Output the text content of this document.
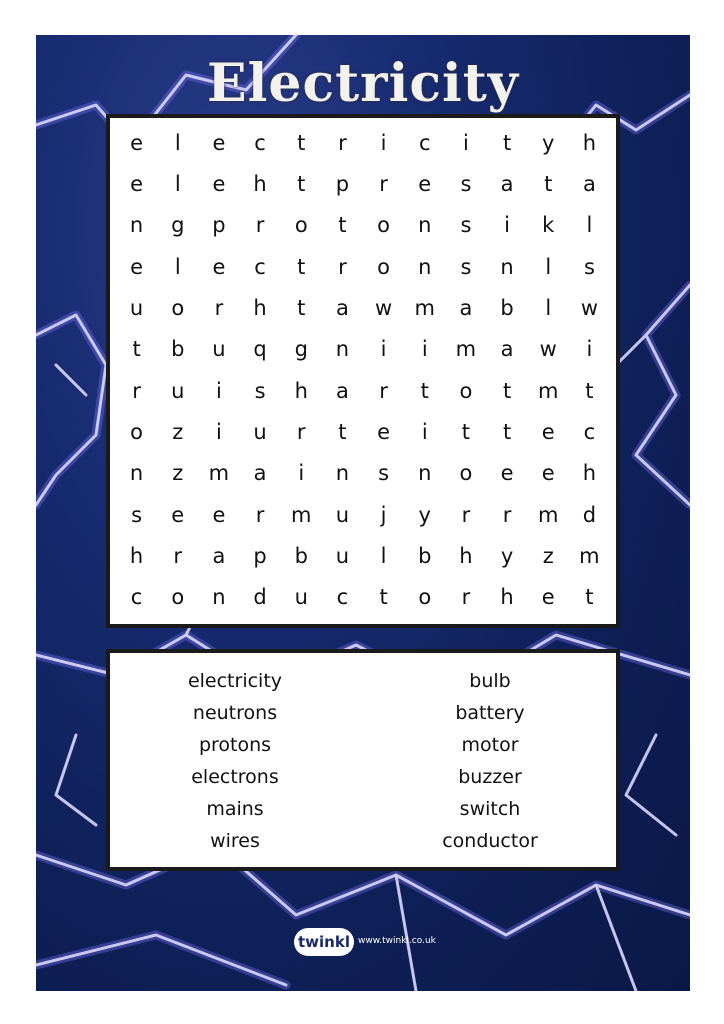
Electricity
e	l	e	c	t	r	i	c	i	t	y	h
e	l	e	h	t	p	r	e	s	a	t	a
n	g	p	r	o	t	o	n	s	i	k	l
e	l	e	c	t	r	o	n	s	n	l	s
u	o	r	h	t	a	w	m	a	b	l	w
t	b	u	q	g	n	i	i	m	a	w	i
r	u	i	s	h	a	r	t	o	t	m	t
o	z	i	u	r	t	e	i	t	t	e	c
n	z	m	a	i	n	s	n	o	e	e	h
s	e	e	r	m	u	j	y	r	r	m	d
h	r	a	p	b	u	l	b	h	y	z	m
c	o	n	d	u	c	t	o	r	h	e	t
electricity
neutrons
protons
electrons
mains
wires
bulb
battery
motor
buzzer
switch
conductor
twinkl www.twinkl.co.uk
